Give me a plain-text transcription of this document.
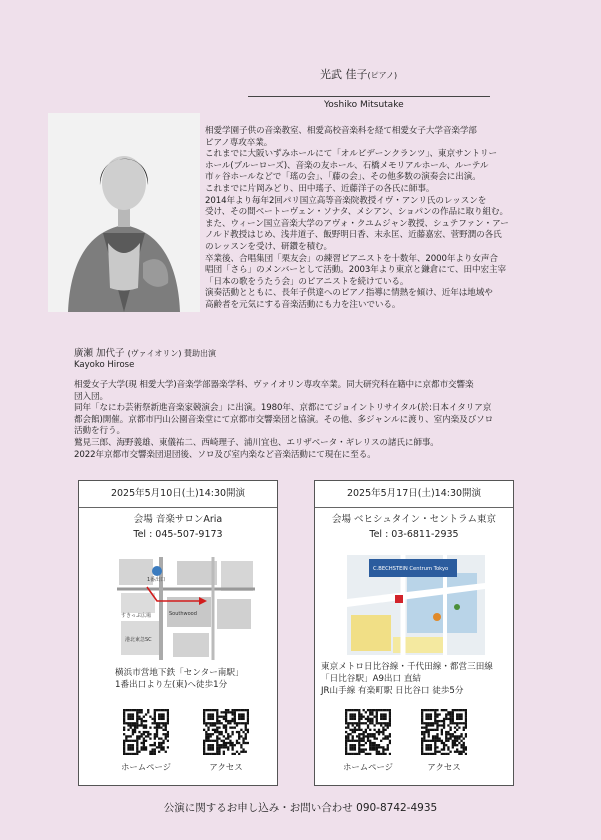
光武 佳子(ピアノ)
Yoshiko Mitsutake
相愛学園子供の音楽教室、相愛高校音楽科を経て相愛女子大学音楽学部
ピアノ専攻卒業。
これまでに大阪いずみホールにて「オルビデーンクランツ」、東京サントリー
ホール(ブルーローズ)、音楽の友ホール、石橋メモリアルホール、ルーテル
市ヶ谷ホールなどで「瑤の会」、「藤の会」、その他多数の演奏会に出演。
これまでに片岡みどり、田中瑤子、近藤洋子の各氏に師事。
2014年より毎年2回パリ国立高等音楽院教授イヴ・アンリ氏のレッスンを
受け、その間ベートーヴェン・ソナタ、メシアン、ショパンの作品に取り組む。
また、ウィーン国立音楽大学のアヴォ・クユムジャン教授、シュテファン・アー
ノルド教授はじめ、浅井道子、飯野明日香、末永匡、近藤嘉宏、菅野潤の各氏
のレッスンを受け、研鑽を積む。
卒業後、合唱集団「栗友会」の練習ピアニストを十数年、2000年より女声合
唱団「さら」のメンバーとして活動。2003年より東京と鎌倉にて、田中宏主宰
「日本の歌をうたう会」のピアニストを続けている。
演奏活動とともに、長年子供達へのピアノ指導に情熱を傾け、近年は地域や
高齢者を元気にする音楽活動にも力を注いでいる。
廣瀬 加代子 (ヴァイオリン) 賛助出演
Kayoko Hirose
相愛女子大学(現 相愛大学)音楽学部器楽学科、ヴァイオリン専攻卒業。同大研究科在籍中に京都市交響楽
団入団。
同年「なにわ芸術祭新進音楽家競演会」に出演。1980年、京都にてジョイントリサイタル(於:日本イタリア京
都会館)開催。京都市円山公園音楽堂にて京都市交響楽団と協演。その他、多ジャンルに渡り、室内楽及びソロ
活動を行う。
鷲見三郎、海野義雄、東儀祐二、西崎理子、浦川宜也、エリザベータ・ギレリスの諸氏に師事。
2022年京都市交響楽団退団後、ソロ及び室内楽など音楽活動にて現在に至る。
2025年5月10日(土)14:30開演
会場 音楽サロンAria
Tel : 045-507-9173
1番出口
すきっぷ広場	Southwood
港北東急SC
横浜市営地下鉄「センター南駅」
1番出口より左(東)へ徒歩1分
ホームページ	アクセス
2025年5月17日(土)14:30開演
会場 ベヒシュタイン・セントラム東京
Tel : 03-6811-2935
C.BECHSTEIN Centrum Tokyo
東京メトロ日比谷線・千代田線・都営三田線
「日比谷駅」A9出口 直結
JR山手線 有楽町駅 日比谷口 徒歩5分
ホームページ	アクセス
公演に関するお申し込み・お問い合わせ 090-8742-4935
